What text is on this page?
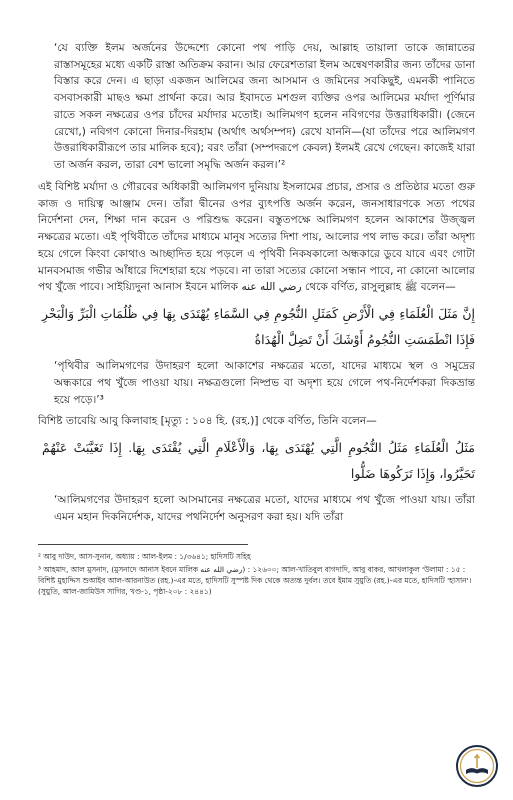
‘যে ব্যক্তি ইলম অর্জনের উদ্দেশ্যে কোনো পথ পাড়ি দেয়, আল্লাহ তায়ালা তাকে জান্নাতের রাস্তাসমূহের মধ্যে একটি রাস্তা অতিক্রম করান। আর ফেরেশতারা ইলম অন্বেষণকারীর জন্য তাঁদের ডানা বিস্তার করে দেন। এ ছাড়া একজন আলিমের জন্য আসমান ও জমিনের সবকিছুই, এমনকী পানিতে বসবাসকারী মাছও ক্ষমা প্রার্থনা করে। আর ইবাদতে মশগুল ব্যক্তির ওপর আলিমের মর্যাদা পূর্ণিমার রাতে সকল নক্ষত্রের ওপর চাঁদের মর্যাদার মতোই। আলিমগণ হলেন নবিগণের উত্তরাধিকারী। (জেনে রেখো,) নবিগণ কোনো দিনার-দিরহাম (অর্থাৎ অর্থসম্পদ) রেখে যাননি—(যা তাঁদের পরে আলিমগণ উত্তরাধিকারীরূপে তার মালিক হবে); বরং তাঁরা (সম্পদরূপে কেবল) ইলমই রেখে গেছেন। কাজেই যারা তা অর্জন করল, তারা বেশ ভালো সমৃদ্ধি অর্জন করল।’²

এই বিশিষ্ট মর্যাদা ও গৌরবের অধিকারী আলিমগণ দুনিয়ায় ইসলামের প্রচার, প্রসার ও প্রতিষ্ঠার মতো গুরু কাজ ও দায়িত্ব আঞ্জাম দেন। তাঁরা দ্বীনের ওপর ব্যুৎপত্তি অর্জন করেন, জনসাধারণকে সত্য পথের নির্দেশনা দেন, শিক্ষা দান করেন ও পরিশুদ্ধ করেন। বস্তুতপক্ষে আলিমগণ হলেন আকাশের উজ্জ্বল নক্ষত্রের মতো। এই পৃথিবীতে তাঁদের মাধ্যমে মানুষ সত্যের দিশা পায়, আলোর পথ লাভ করে। তাঁরা অদৃশ্য হয়ে গেলে কিংবা কোথাও আচ্ছাদিত হয়ে পড়লে এ পৃথিবী নিকষকালো অন্ধকারে ডুবে যাবে এবং গোটা মানবসমাজ গভীর আঁধারে দিশেহারা হয়ে পড়বে। না তারা সত্যের কোনো সন্ধান পাবে, না কোনো আলোর পথ খুঁজে পাবে। সাইয়্যিদুনা আনাস ইবনে মালিক رضي الله عنه থেকে বর্ণিত, রাসুলুল্লাহ ﷺ বলেন—

إِنَّ مَثَلَ الْعُلَمَاءِ فِي الْأَرْضِ كَمَثَلِ النُّجُومِ فِي السَّمَاءِ يُهْتَدَى بِهَا فِي ظُلُمَاتِ الْبَرِّ وَالْبَحْرِ فَإِذَا انْطَمَسَتِ النُّجُومُ أَوْشَكَ أَنْ تَضِلَّ الْهُدَاةُ

‘পৃথিবীর আলিমগণের উদাহরণ হলো আকাশের নক্ষত্রের মতো, যাদের মাধ্যমে স্থল ও সমুদ্রের অন্ধকারে পথ খুঁজে পাওয়া যায়। নক্ষত্রগুলো নিষ্প্রভ বা অদৃশ্য হয়ে গেলে পথ-নির্দেশকরা দিকভ্রান্ত হয়ে পড়ে।’³

বিশিষ্ট তাবেয়ি আবু কিলাবাহ [মৃত্যু : ১০৪ হি. (রহ.)] থেকে বর্ণিত, তিনি বলেন—

مَثَلُ الْعُلَمَاءِ مَثَلُ النُّجُومِ الَّتِي يُهْتَدَى بِهَا، وَالْأَعْلَامِ الَّتِي يُقْتَدَى بِهَا. إِذَا تَغَيَّبَتْ عَنْهُمْ تَحَيَّرُوا، وَإِذَا تَرَكُوهَا ضَلُّوا

‘আলিমগণের উদাহরণ হলো আসমানের নক্ষত্রের মতো, যাদের মাধ্যমে পথ খুঁজে পাওয়া যায়। তাঁরা এমন মহান দিকনির্দেশক, যাদের পথনির্দেশ অনুসরণ করা হয়। যদি তাঁরা

² আবু দাউদ, আস-সুনান, অধ্যায় : আল-ইলম : ১/৩৬৪১; হাদিসটি সহিহ

³ আহমাদ, আল মুসনাদ, (মুসনাদে আনাস ইবনে মালিক رضي الله عنه) : ১২৬০০; আল-খাতিবুল বাগদাদি, আবু বাকর, আখলাকুল 'উলামা : ১৫ : বিশিষ্ট মুহাদ্দিস শুআইব আল-আরনাউত (রহ.)-এর মতে, হাদিসটি সুস্পষ্ট দিক থেকে অত্যন্ত দুর্বল। তবে ইমাম সুয়ুতি (রহ.)-এর মতে, হাদিসটি 'হাসান'। (সুয়ুতি, আল-জামিউস সাগির, খণ্ড-১, পৃষ্ঠা-২০৮ : ২৪৪১)
